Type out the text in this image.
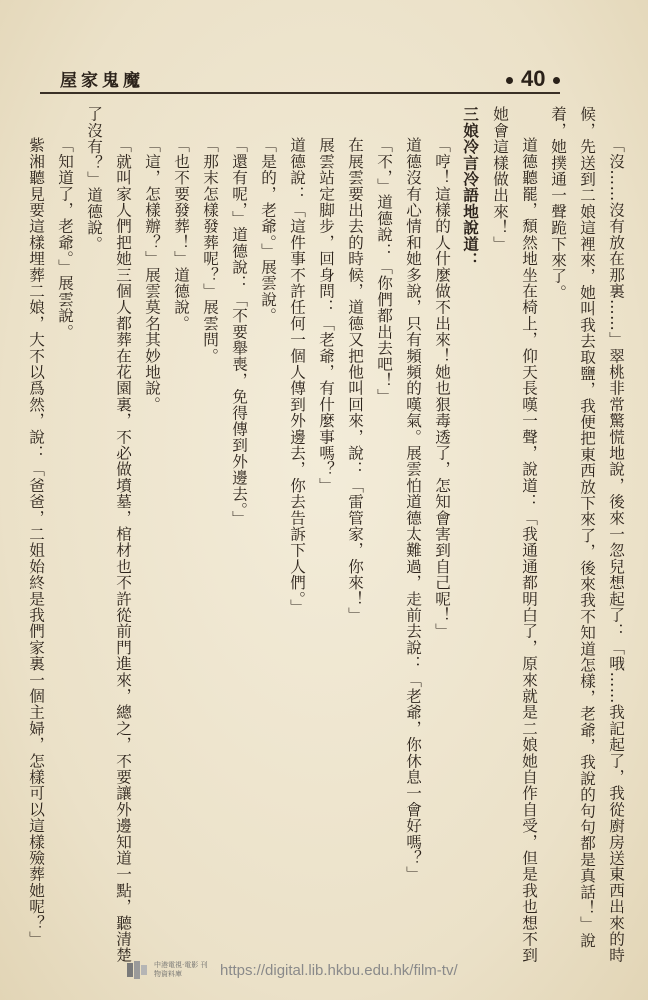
屋家鬼魔	40

「沒……沒有放在那裏……」翠桃非常驚慌地說，後來一忽兒想起了：「哦……我記起了，我從廚房送東西出來的時候，先送到二娘這裡來，她叫我去取鹽，我便把東西放下來了，後來我不知道怎樣，老爺，我說的句句都是真話！」說着，她撲通一聲跪下來了。

道德聽罷，頹然地坐在椅上，仰天長嘆一聲，說道：「我通通都明白了，原來就是二娘她自作自受，但是我也想不到她會這樣做出來！」

三娘冷言冷語地說道：

「哼！這樣的人什麼做不出來！她也狠毒透了，怎知會害到自己呢！」

道德沒有心情和她多說，只有頻頻的嘆氣。展雲怕道德太難過，走前去說：「老爺，你休息一會好嗎？」

「不，」道德說：「你們都出去吧！」

在展雲要出去的時候，道德又把他叫回來，說：「雷管家，你來！」

展雲站定脚步，回身問：「老爺，有什麼事嗎？」

道德說：「這件事不許任何一個人傳到外邊去，你去告訴下人們。」

「是的，老爺。」展雲說。

「還有呢，」道德說：「不要舉喪，免得傳到外邊去。」

「那末怎樣發葬呢？」展雲問。

「也不要發葬！」道德說。

「這，怎樣辦？」展雲莫名其妙地說。

「就叫家人們把她三個人都葬在花園裏，不必做墳墓，棺材也不許從前門進來，總之，不要讓外邊知道一點，聽清楚了沒有？」道德說。

「知道了，老爺。」展雲說。

紫湘聽見要這樣埋葬二娘，大不以爲然，說：「爸爸，二姐始終是我們家裏一個主婦，怎樣可以這樣殮葬她呢？」

中港電視·電影 刊物資料庫	https://digital.lib.hkbu.edu.hk/film-tv/
